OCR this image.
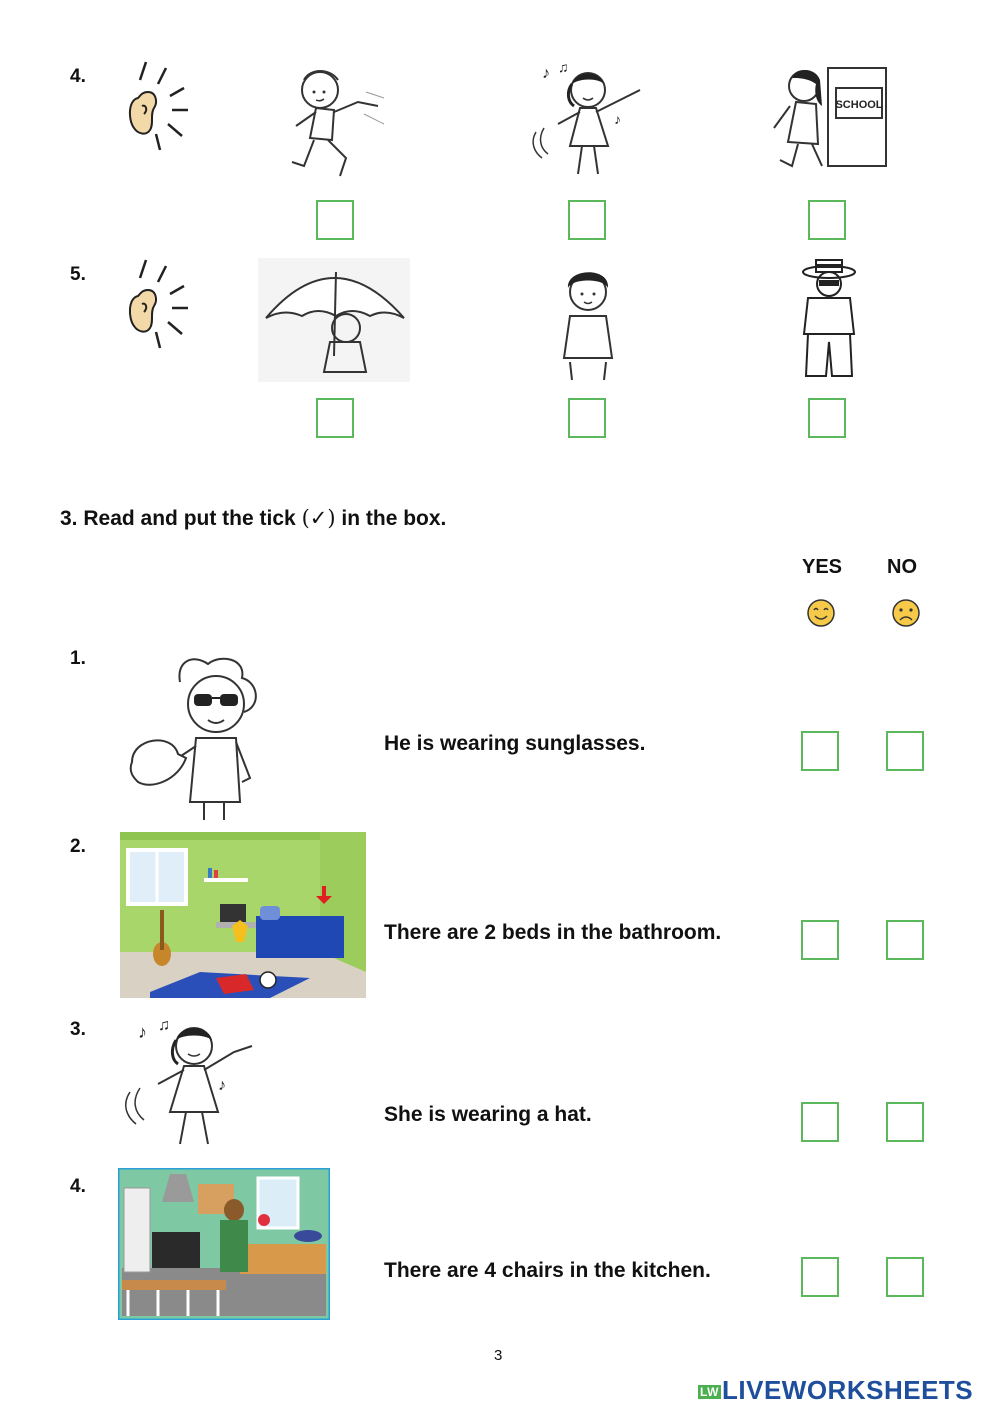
4.	♪ ♫
♪
SCHOOL
5.
3. Read and put the tick (✓) in the box.
YES NO
1.
He is wearing sunglasses.
2.
There are 2 beds in the bathroom.
3.	♪ ♫
♪
She is wearing a hat.
4.
There are 4 chairs in the kitchen.
3
LW LIVEWORKSHEETS
